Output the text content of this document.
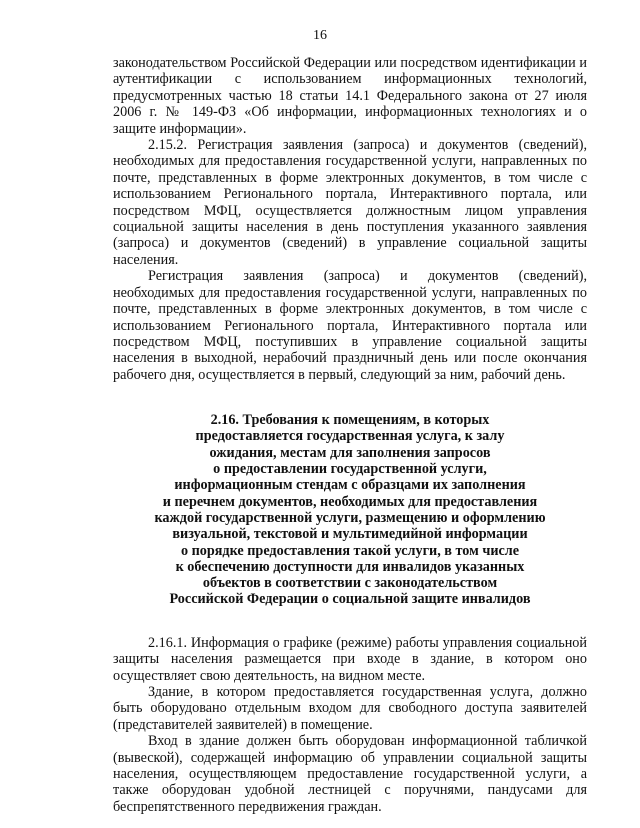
16

законодательством Российской Федерации или посредством идентификации и аутентификации с использованием информационных технологий, предусмотренных частью 18 статьи 14.1 Федерального закона от 27 июля 2006 г. № 149-ФЗ «Об информации, информационных технологиях и о защите информации».

2.15.2. Регистрация заявления (запроса) и документов (сведений), необходимых для предоставления государственной услуги, направленных по почте, представленных в форме электронных документов, в том числе с использованием Регионального портала, Интерактивного портала, или посредством МФЦ, осуществляется должностным лицом управления социальной защиты населения в день поступления указанного заявления (запроса) и документов (сведений) в управление социальной защиты населения.

Регистрация заявления (запроса) и документов (сведений), необходимых для предоставления государственной услуги, направленных по почте, представленных в форме электронных документов, в том числе с использованием Регионального портала, Интерактивного портала или посредством МФЦ, поступивших в управление социальной защиты населения в выходной, нерабочий праздничный день или после окончания рабочего дня, осуществляется в первый, следующий за ним, рабочий день.

2.16. Требования к помещениям, в которых
предоставляется государственная услуга, к залу
ожидания, местам для заполнения запросов
о предоставлении государственной услуги,
информационным стендам с образцами их заполнения
и перечнем документов, необходимых для предоставления
каждой государственной услуги, размещению и оформлению
визуальной, текстовой и мультимедийной информации
о порядке предоставления такой услуги, в том числе
к обеспечению доступности для инвалидов указанных
объектов в соответствии с законодательством
Российской Федерации о социальной защите инвалидов

2.16.1. Информация о графике (режиме) работы управления социальной защиты населения размещается при входе в здание, в котором оно осуществляет свою деятельность, на видном месте.

Здание, в котором предоставляется государственная услуга, должно быть оборудовано отдельным входом для свободного доступа заявителей (представителей заявителей) в помещение.

Вход в здание должен быть оборудован информационной табличкой (вывеской), содержащей информацию об управлении социальной защиты населения, осуществляющем предоставление государственной услуги, а также оборудован удобной лестницей с поручнями, пандусами для беспрепятственного передвижения граждан.
